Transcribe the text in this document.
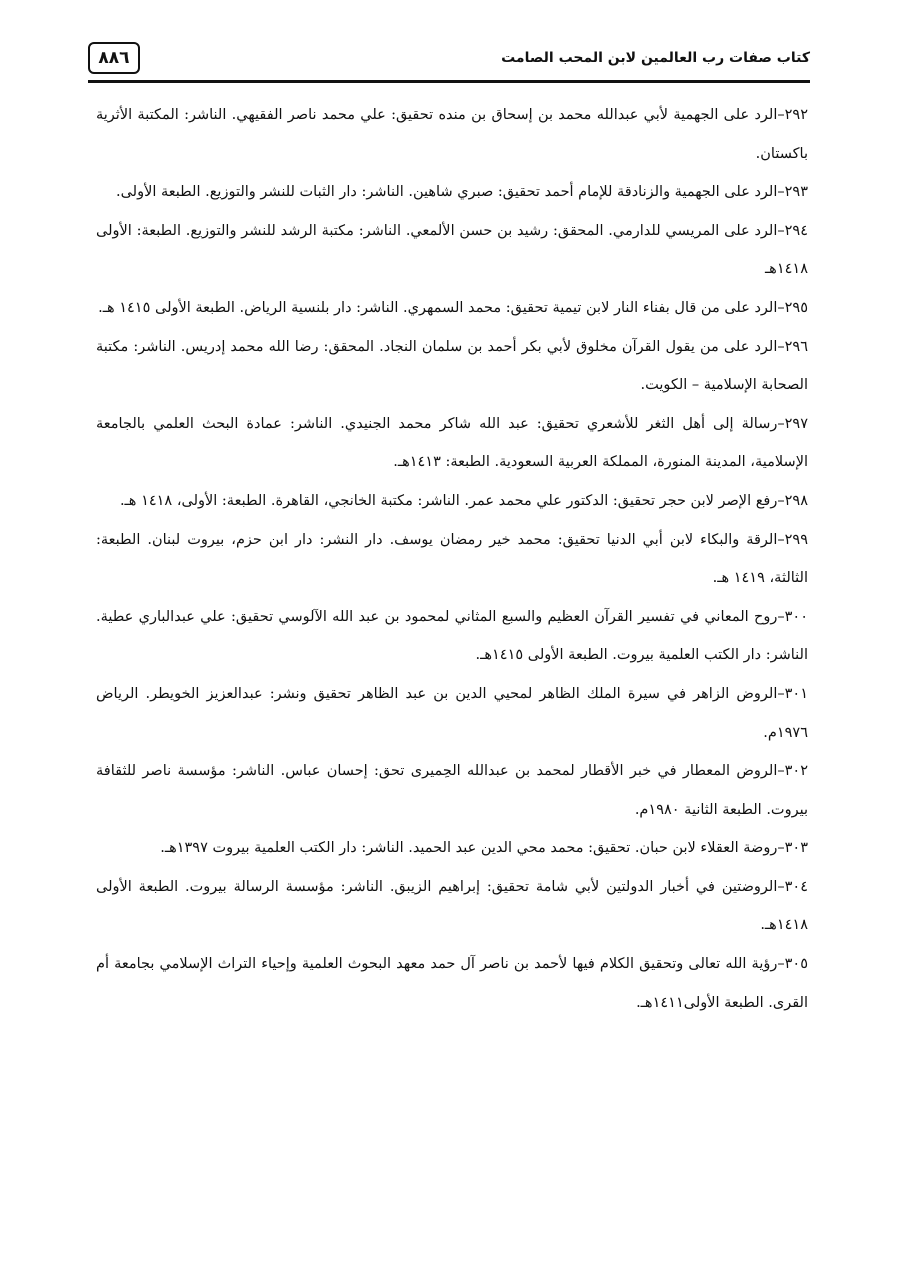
٨٨٦	كتاب صفات رب العالمين لابن المحب الصامت

٢٩٢–الرد على الجهمية لأبي عبدالله محمد بن إسحاق بن منده تحقيق: علي محمد ناصر الفقيهي. الناشر: المكتبة الأثرية باكستان.

٢٩٣–الرد على الجهمية والزنادقة للإمام أحمد تحقيق: صبري شاهين. الناشر: دار الثبات للنشر والتوزيع. الطبعة الأولى.

٢٩٤–الرد على المريسي للدارمي. المحقق: رشيد بن حسن الألمعي. الناشر: مكتبة الرشد للنشر والتوزيع. الطبعة: الأولى ١٤١٨هـ

٢٩٥–الرد على من قال بفناء النار لابن تيمية تحقيق: محمد السمهري. الناشر: دار بلنسية الرياض. الطبعة الأولى ١٤١٥ هـ.

٢٩٦–الرد على من يقول القرآن مخلوق لأبي بكر أحمد بن سلمان النجاد. المحقق: رضا الله محمد إدريس. الناشر: مكتبة الصحابة الإسلامية – الكويت.

٢٩٧–رسالة إلى أهل الثغر للأشعري تحقيق: عبد الله شاكر محمد الجنيدي. الناشر: عمادة البحث العلمي بالجامعة الإسلامية، المدينة المنورة، المملكة العربية السعودية. الطبعة: ١٤١٣هـ.

٢٩٨–رفع الإصر لابن حجر تحقيق: الدكتور علي محمد عمر. الناشر: مكتبة الخانجي، القاهرة. الطبعة: الأولى، ١٤١٨ هـ.

٢٩٩–الرقة والبكاء لابن أبي الدنيا تحقيق: محمد خير رمضان يوسف. دار النشر: دار ابن حزم، بيروت لبنان. الطبعة: الثالثة، ١٤١٩ هـ.

٣٠٠–روح المعاني في تفسير القرآن العظيم والسبع المثاني لمحمود بن عبد الله الآلوسي تحقيق: علي عبدالباري عطية. الناشر: دار الكتب العلمية بيروت. الطبعة الأولى ١٤١٥هـ.

٣٠١–الروض الزاهر في سيرة الملك الظاهر لمحيي الدين بن عبد الظاهر تحقيق ونشر: عبدالعزيز الخويطر. الرياض ١٩٧٦م.

٣٠٢–الروض المعطار في خبر الأقطار لمحمد بن عبدالله الحِميرى تحق: إحسان عباس. الناشر: مؤسسة ناصر للثقافة بيروت. الطبعة الثانية ١٩٨٠م.

٣٠٣–روضة العقلاء لابن حبان. تحقيق: محمد محي الدين عبد الحميد. الناشر: دار الكتب العلمية بيروت ١٣٩٧هـ.

٣٠٤–الروضتين في أخبار الدولتين لأبي شامة تحقيق: إبراهيم الزيبق. الناشر: مؤسسة الرسالة بيروت. الطبعة الأولى ١٤١٨هـ.

٣٠٥–رؤية الله تعالى وتحقيق الكلام فيها لأحمد بن ناصر آل حمد معهد البحوث العلمية وإحياء التراث الإسلامي بجامعة أم القرى. الطبعة الأولى١٤١١هـ.
